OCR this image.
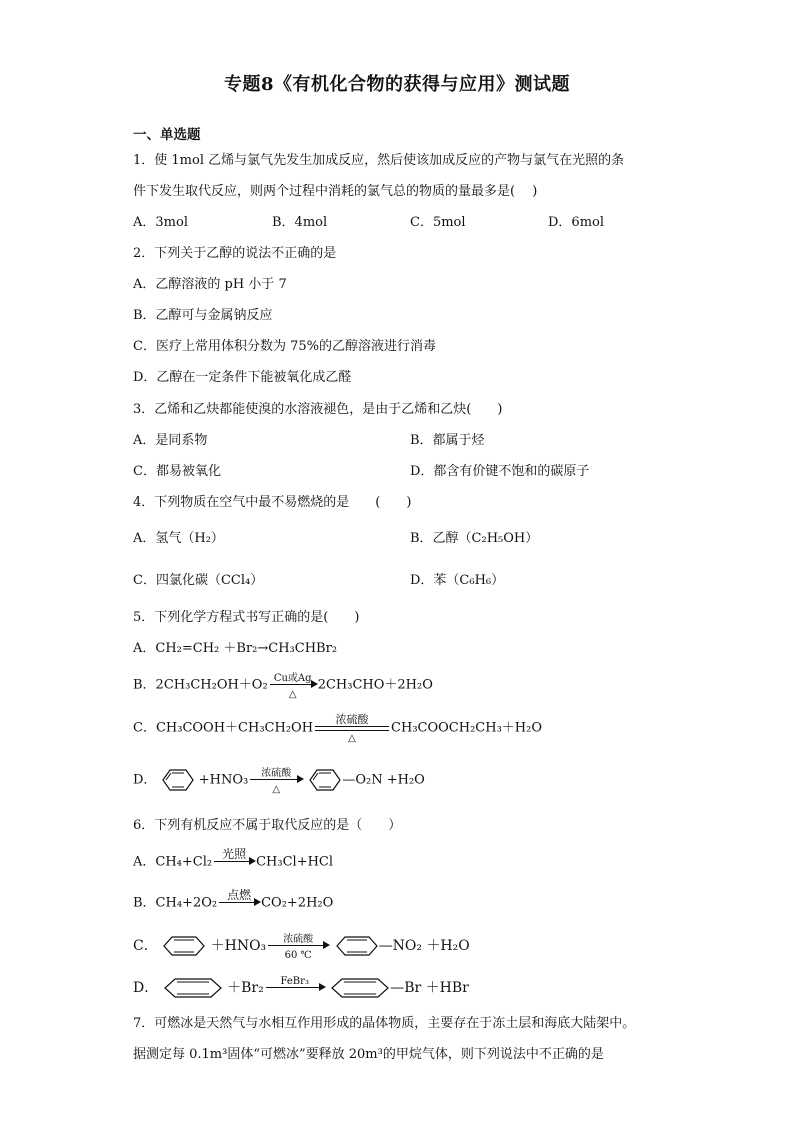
专题8《有机化合物的获得与应用》测试题
一、单选题
1．使 1mol 乙烯与氯气先发生加成反应，然后使该加成反应的产物与氯气在光照的条
件下发生取代反应，则两个过程中消耗的氯气总的物质的量最多是(　 )
A．3mol	B．4mol	C．5mol	D．6mol
2．下列关于乙醇的说法不正确的是
A．乙醇溶液的 pH 小于 7
B．乙醇可与金属钠反应
C．医疗上常用体积分数为 75%的乙醇溶液进行消毒
D．乙醇在一定条件下能被氧化成乙醛
3．乙烯和乙炔都能使溴的水溶液褪色，是由于乙烯和乙炔(　　)
A．是同系物	B．都属于烃
C．都易被氧化	D．都含有价键不饱和的碳原子
4．下列物质在空气中最不易燃烧的是　　(　　)
A．氢气（H₂）	B．乙醇（C₂H₅OH）
C．四氯化碳（CCl₄）	D．苯（C₆H₆）
5．下列化学方程式书写正确的是(　　)
A．CH₂=CH₂ ＋Br₂→CH₃CHBr₂
B．2CH₃CH₂OH＋O₂ Cu或Ag
△
2CH₃CHO＋2H₂O
C．CH₃COOH＋CH₃CH₂OH
浓硫酸
△
CH₃COOCH₂CH₃＋H₂O
D．	+HNO₃	浓硫酸
△
—O₂N +H₂O
6．下列有机反应不属于取代反应的是（　　）
A．CH₄+Cl₂
光照
CH₃Cl+HCl
B．CH₄+2O₂
点燃
CO₂+2H₂O
C．	＋HNO₃	浓硫酸
60 ℃
—NO₂ ＋H₂O
D．	＋Br₂	FeBr₃	—Br ＋HBr
7．可燃冰是天然气与水相互作用形成的晶体物质，主要存在于冻土层和海底大陆架中。
据测定每 0.1m³固体“可燃冰”要释放 20m³的甲烷气体，则下列说法中不正确的是
